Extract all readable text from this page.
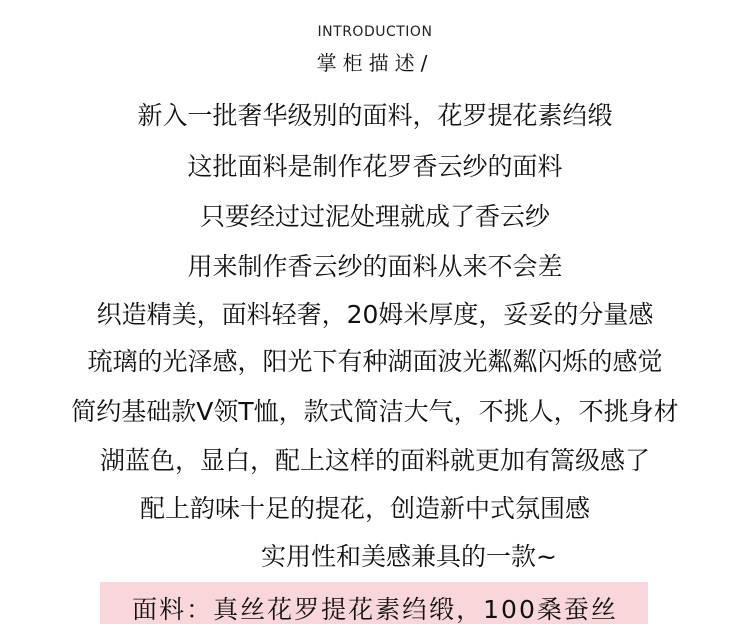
INTRODUCTION
掌柜描述/
新入一批奢华级别的面料，花罗提花素绉缎
这批面料是制作花罗香云纱的面料
只要经过过泥处理就成了香云纱
用来制作香云纱的面料从来不会差
织造精美，面料轻奢，20姆米厚度，妥妥的分量感
琉璃的光泽感，阳光下有种湖面波光粼粼闪烁的感觉
简约基础款V领T恤，款式简洁大气，不挑人，不挑身材
湖蓝色，显白，配上这样的面料就更加有篙级感了
配上韵味十足的提花，创造新中式氛围感
实用性和美感兼具的一款~
面料：真丝花罗提花素绉缎，100桑蚕丝
